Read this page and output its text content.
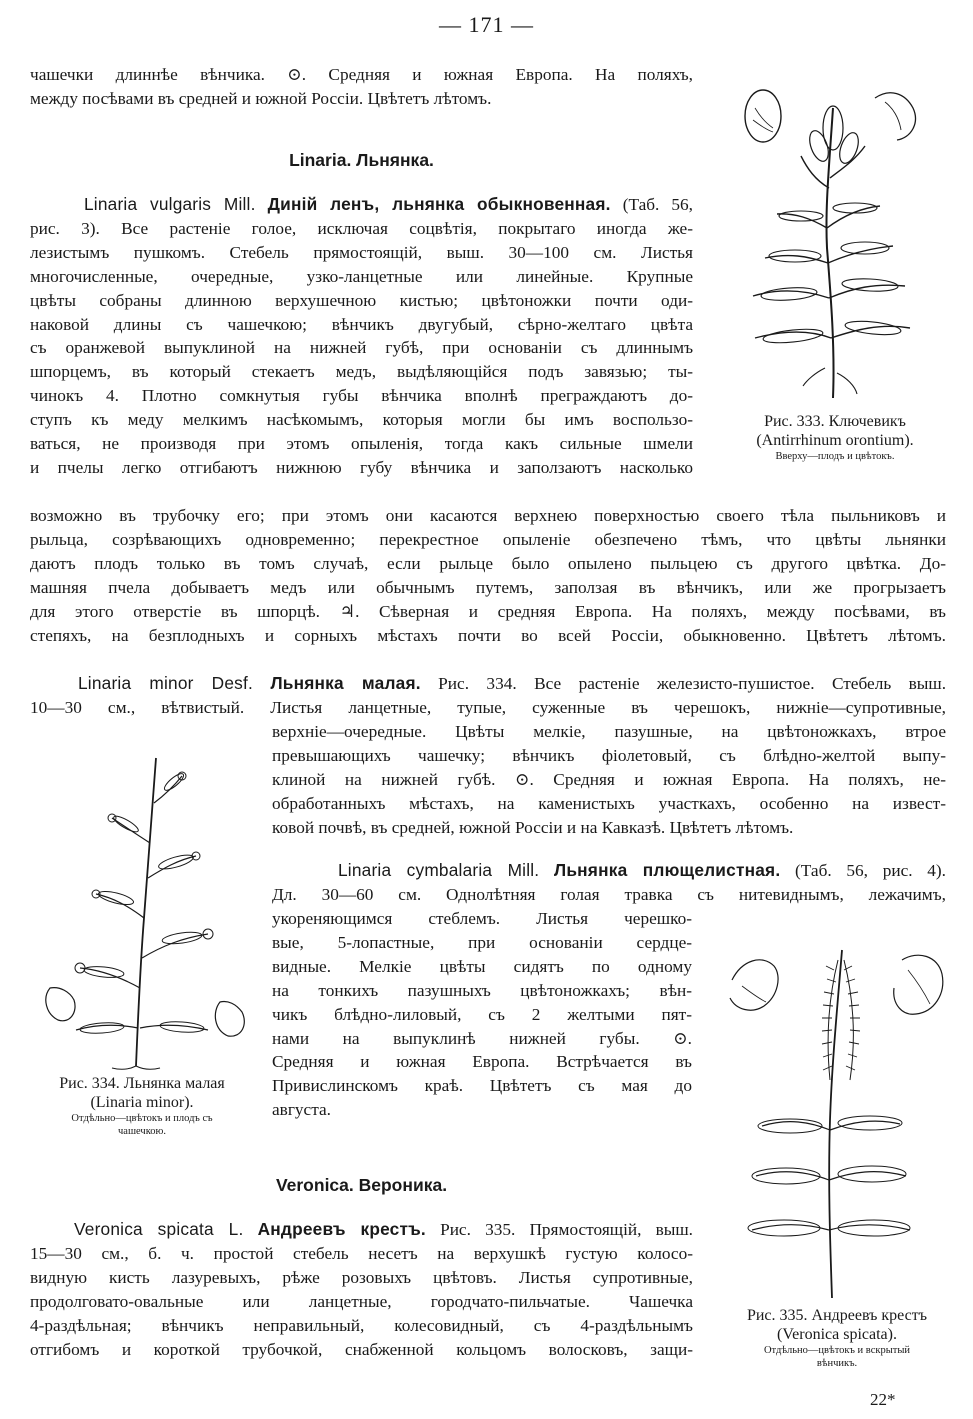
— 171 —
чашечки длиннѣе вѣнчика. ⊙. Средняя и южная Европа. На поляхъ,
между посѣвами въ средней и южной Россіи. Цвѣтетъ лѣтомъ.
Linaria. Льнянка.
Linaria vulgaris Mill. Диній ленъ, льнянка обыкновенная. (Таб. 56,
рис. 3). Все растеніе голое, исключая соцвѣтія, покрытаго иногда же-
лезистымъ пушкомъ. Стебель прямостоящій, выш. 30—100 см. Листья
многочисленные, очередные, узко-ланцетные или линейные. Крупные
цвѣты собраны длинною верхушечною кистью; цвѣтоножки почти оди-
наковой длины съ чашечкою; вѣнчикъ двугубый, сѣрно-желтаго цвѣта
съ оранжевой выпуклиной на нижней губѣ, при основаніи съ длиннымъ
шпорцемъ, въ который стекаетъ медъ, выдѣляющійся подъ завязью; ты-
чинокъ 4. Плотно сомкнутыя губы вѣнчика вполнѣ преграждаютъ до-
ступъ къ меду мелкимъ насѣкомымъ, которыя могли бы имъ воспользо-
ваться, не производя при этомъ опыленія, тогда какъ сильные шмели
и пчелы легко отгибаютъ нижнюю губу вѣнчика и заползаютъ насколько
возможно въ трубочку его; при этомъ они касаются верхнею поверхностью своего тѣла пыльниковъ и
рыльца, созрѣвающихъ одновременно; перекрестное опыленіе обезпечено тѣмъ, что цвѣты льнянки
даютъ плодъ только въ томъ случаѣ, если рыльце было опылено пыльцею съ другого цвѣтка. До-
машняя пчела добываетъ медъ или обычнымъ путемъ, заползая въ вѣнчикъ, или же прогрызаетъ
для этого отверстіе въ шпорцѣ. ♃. Сѣверная и средняя Европа. На поляхъ, между посѣвами, въ
степяхъ, на безплодныхъ и сорныхъ мѣстахъ почти во всей Россіи, обыкновенно. Цвѣтетъ лѣтомъ.
Рис. 333. Ключевикъ
(Antirrhinum orontium).
Вверху—плодъ и цвѣтокъ.
Linaria minor Desf. Льнянка малая. Рис. 334. Все растеніе железисто-пушистое. Стебель выш.
10—30 см., вѣтвистый. Листья ланцетные, тупые, суженные въ черешокъ, нижніе—супротивные,
верхніе—очередные. Цвѣты мелкіе, пазушные, на цвѣтоножкахъ, втрое
превышающихъ чашечку; вѣнчикъ фіолетовый, съ блѣдно-желтой выпу-
клиной на нижней губѣ. ⊙. Средняя и южная Европа. На поляхъ, не-
обработанныхъ мѣстахъ, на каменистыхъ участкахъ, особенно на извест-
ковой почвѣ, въ средней, южной Россіи и на Кавказѣ. Цвѣтетъ лѣтомъ.
Рис. 334. Льнянка малая
(Linaria minor).
Отдѣльно—цвѣтокъ и плодъ съ
чашечкою.
Linaria cymbalaria Mill. Льнянка плющелистная. (Таб. 56, рис. 4).
Дл. 30—60 см. Однолѣтняя голая травка съ нитевиднымъ, лежачимъ,
укореняющимся стеблемъ. Листья черешко-
вые, 5-лопастные, при основаніи сердце-
видные. Мелкіе цвѣты сидятъ по одному
на тонкихъ пазушныхъ цвѣтоножкахъ; вѣн-
чикъ блѣдно-лиловый, съ 2 желтыми пят-
нами на выпуклинѣ нижней губы. ⊙.
Средняя и южная Европа. Встрѣчается въ
Привислинскомъ краѣ. Цвѣтетъ съ мая до
августа.
Veronica. Вероника.
Veronica spicata L. Андреевъ крестъ. Рис. 335. Прямостоящій, выш.
15—30 см., б. ч. простой стебель несетъ на верхушкѣ густую колосо-
видную кисть лазуревыхъ, рѣже розовыхъ цвѣтовъ. Листья супротивные,
продолговато-овальные или ланцетные, городчато-пильчатые. Чашечка
4-раздѣльная; вѣнчикъ неправильный, колесовидный, съ 4-раздѣльнымъ
отгибомъ и короткой трубочкой, снабженной кольцомъ волосковъ, защи-
Рис. 335. Андреевъ крестъ
(Veronica spicata).
Отдѣльно—цвѣтокъ и вскрытый
вѣнчикъ.
22*
